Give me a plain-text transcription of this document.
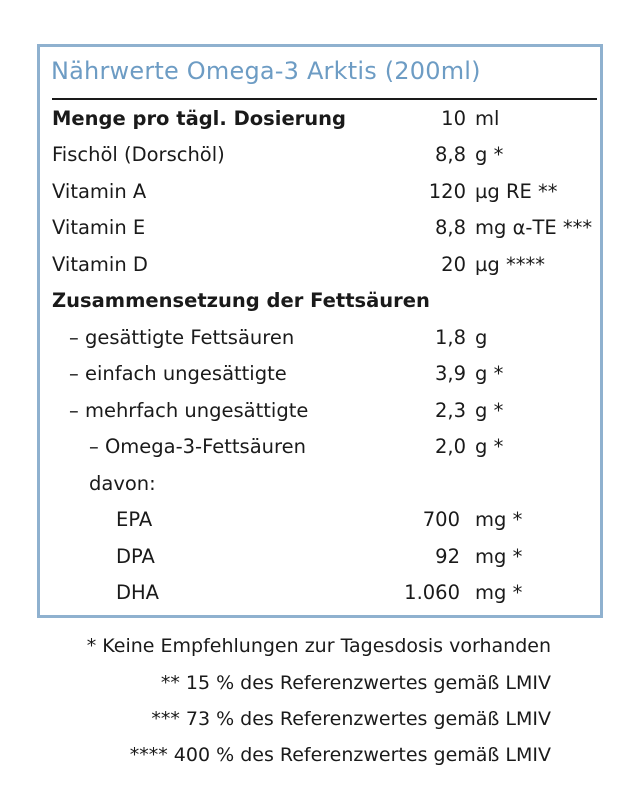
Nährwerte Omega-3 Arktis (200ml)
Menge pro tägl. Dosierung	10 ml
Fischöl (Dorschöl)	8,8 g *
Vitamin A	120 µg RE **
Vitamin E	8,8 mg α-TE ***
Vitamin D	20 µg ****
Zusammensetzung der Fettsäuren
– gesättigte Fettsäuren	1,8 g
– einfach ungesättigte	3,9 g *
– mehrfach ungesättigte	2,3 g *
– Omega-3-Fettsäuren	2,0 g *
davon:
EPA	700 mg *
DPA	92 mg *
DHA	1.060 mg *
* Keine Empfehlungen zur Tagesdosis vorhanden
** 15 % des Referenzwertes gemäß LMIV
*** 73 % des Referenzwertes gemäß LMIV
**** 400 % des Referenzwertes gemäß LMIV
